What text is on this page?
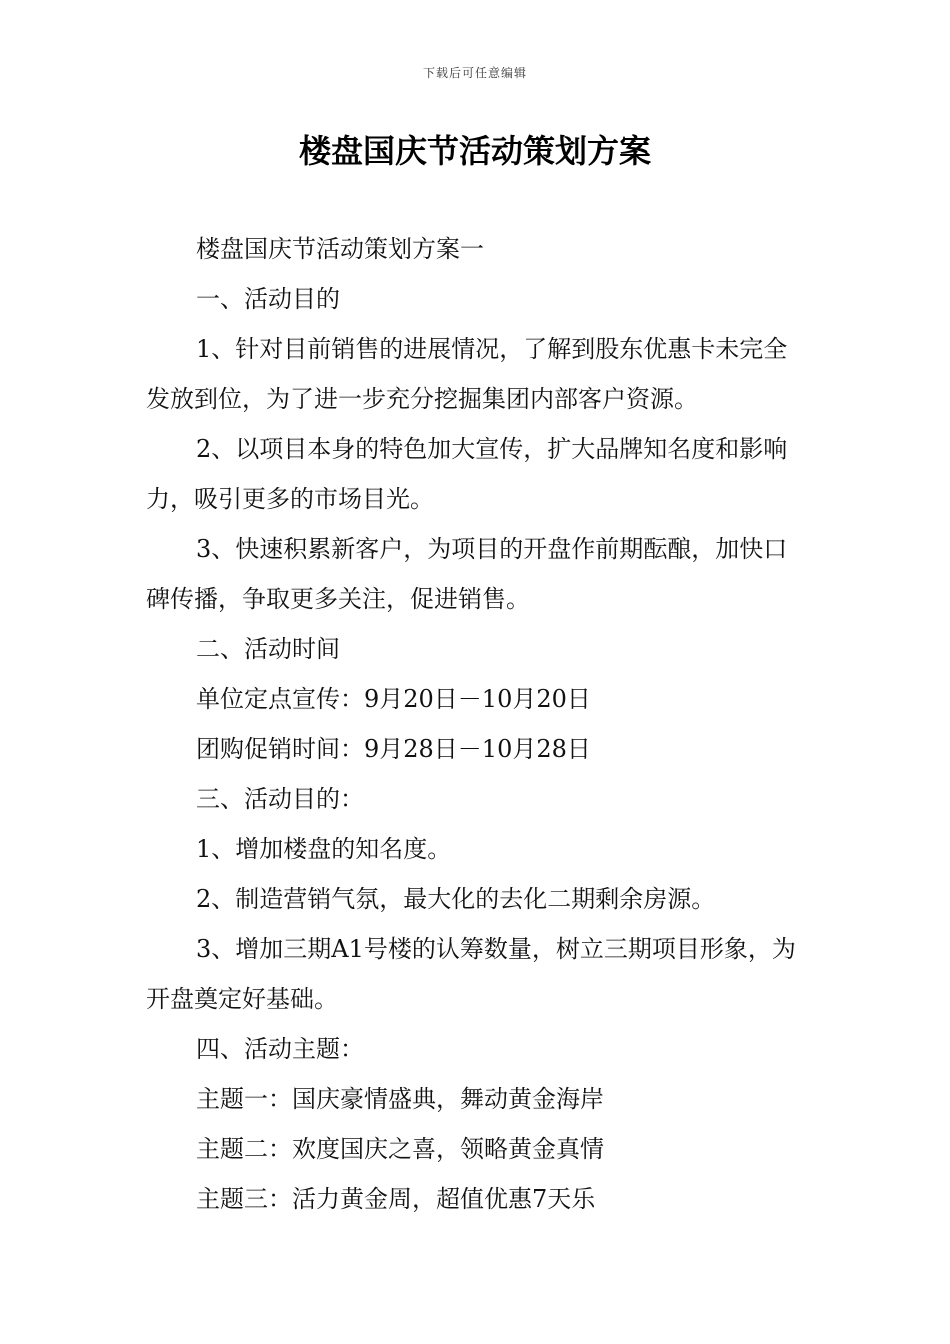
下载后可任意编辑
楼盘国庆节活动策划方案

楼盘国庆节活动策划方案一

一、活动目的

1、针对目前销售的进展情况，了解到股东优惠卡未完全发放到位，为了进一步充分挖掘集团内部客户资源。

2、以项目本身的特色加大宣传，扩大品牌知名度和影响力，吸引更多的市场目光。

3、快速积累新客户，为项目的开盘作前期酝酿，加快口碑传播，争取更多关注，促进销售。

二、活动时间

单位定点宣传：9月20日－10月20日

团购促销时间：9月28日－10月28日

三、活动目的：

1、增加楼盘的知名度。

2、制造营销气氛，最大化的去化二期剩余房源。

3、增加三期A1号楼的认筹数量，树立三期项目形象，为开盘奠定好基础。

四、活动主题：

主题一：国庆豪情盛典，舞动黄金海岸

主题二：欢度国庆之喜，领略黄金真情

主题三：活力黄金周，超值优惠7天乐
